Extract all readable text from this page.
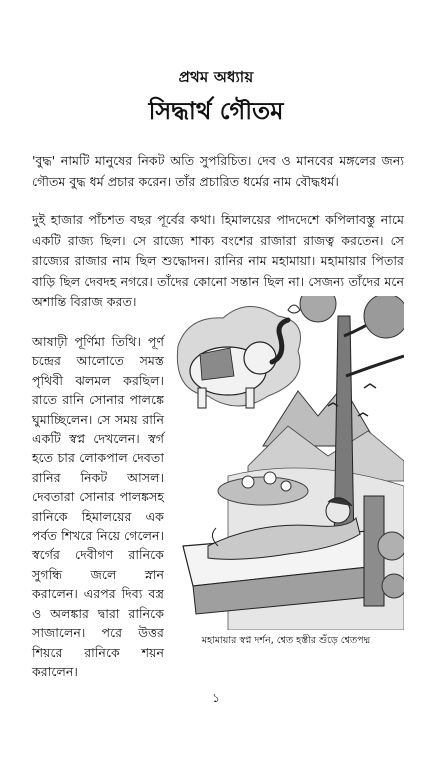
প্রথম অধ্যায়
সিদ্ধার্থ গৌতম

'বুদ্ধ' নামটি মানুষের নিকট অতি সুপরিচিত। দেব ও মানবের মঙ্গলের জন্য গৌতম বুদ্ধ ধর্ম প্রচার করেন। তাঁর প্রচারিত ধর্মের নাম বৌদ্ধধর্ম।

দুই হাজার পাঁচশত বছর পূর্বের কথা। হিমালয়ের পাদদেশে কপিলাবস্তু নামে একটি রাজ্য ছিল। সে রাজ্যে শাক্য বংশের রাজারা রাজত্ব করতেন। সে রাজ্যের রাজার নাম ছিল শুদ্ধোদন। রানির নাম মহামায়া। মহামায়ার পিতার বাড়ি ছিল দেবদহ নগরে। তাঁদের কোনো সন্তান ছিল না। সেজন্য তাঁদের মনে অশান্তি বিরাজ করত।

আষাঢ়ী পূর্ণিমা তিথি। পূর্ণ চন্দ্রের আলোতে সমস্ত পৃথিবী ঝলমল করছিল। রাতে রানি সোনার পালঙ্কে ঘুমাচ্ছিলেন। সে সময় রানি একটি স্বপ্ন দেখলেন। স্বর্গ হতে চার লোকপাল দেবতা রানির নিকট আসল। দেবতারা সোনার পালঙ্কসহ রানিকে হিমালয়ের এক পর্বত শিখরে নিয়ে গেলেন। স্বর্গের দেবীগণ রানিকে সুগন্ধি জলে স্নান করালেন। এরপর দিব্য বস্ত্র ও অলঙ্কার দ্বারা রানিকে সাজালেন। পরে উত্তর শিয়রে রানিকে শয়ন করালেন।

মহামায়ার স্বপ্ন দর্শন, শ্বেত হস্তীর শুঁড়ে শ্বেতপদ্ম
১
